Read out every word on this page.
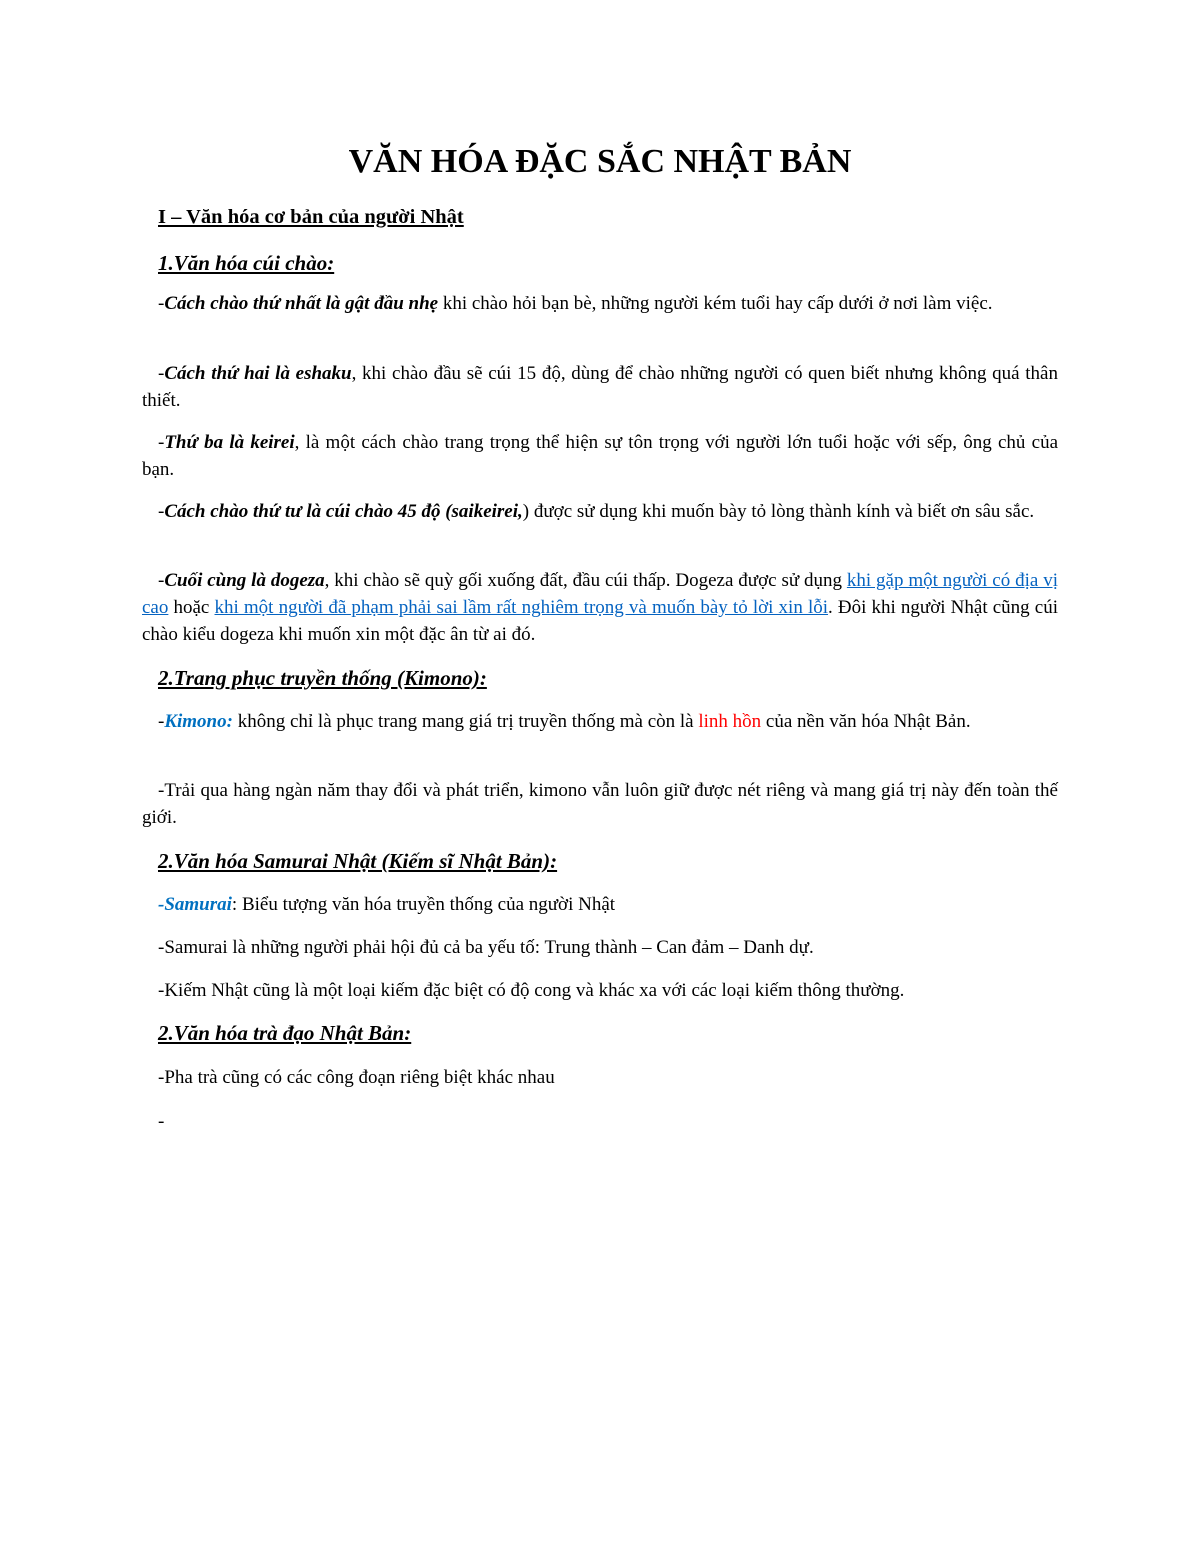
VĂN HÓA ĐẶC SẮC NHẬT BẢN
I – Văn hóa cơ bản của người Nhật
1.Văn hóa cúi chào:

-Cách chào thứ nhất là gật đầu nhẹ khi chào hỏi bạn bè, những người kém tuổi hay cấp dưới ở nơi làm việc.

-Cách thứ hai là eshaku, khi chào đầu sẽ cúi 15 độ, dùng để chào những người có quen biết nhưng không quá thân thiết.

-Thứ ba là keirei, là một cách chào trang trọng thể hiện sự tôn trọng với người lớn tuổi hoặc với sếp, ông chủ của bạn.

-Cách chào thứ tư là cúi chào 45 độ (saikeirei,) được sử dụng khi muốn bày tỏ lòng thành kính và biết ơn sâu sắc.

-Cuối cùng là dogeza, khi chào sẽ quỳ gối xuống đất, đầu cúi thấp. Dogeza được sử dụng khi gặp một người có địa vị cao hoặc khi một người đã phạm phải sai lầm rất nghiêm trọng và muốn bày tỏ lời xin lỗi. Đôi khi người Nhật cũng cúi chào kiểu dogeza khi muốn xin một đặc ân từ ai đó.

2.Trang phục truyền thống (Kimono):

-Kimono: không chỉ là phục trang mang giá trị truyền thống mà còn là linh hồn của nền văn hóa Nhật Bản.

-Trải qua hàng ngàn năm thay đổi và phát triển, kimono vẫn luôn giữ được nét riêng và mang giá trị này đến toàn thế giới.

2.Văn hóa Samurai Nhật (Kiếm sĩ Nhật Bản):

-Samurai: Biểu tượng văn hóa truyền thống của người Nhật

-Samurai là những người phải hội đủ cả ba yếu tố: Trung thành – Can đảm – Danh dự.

-Kiếm Nhật cũng là một loại kiếm đặc biệt có độ cong và khác xa với các loại kiếm thông thường.

2.Văn hóa trà đạo Nhật Bản:

-Pha trà cũng có các công đoạn riêng biệt khác nhau

-
